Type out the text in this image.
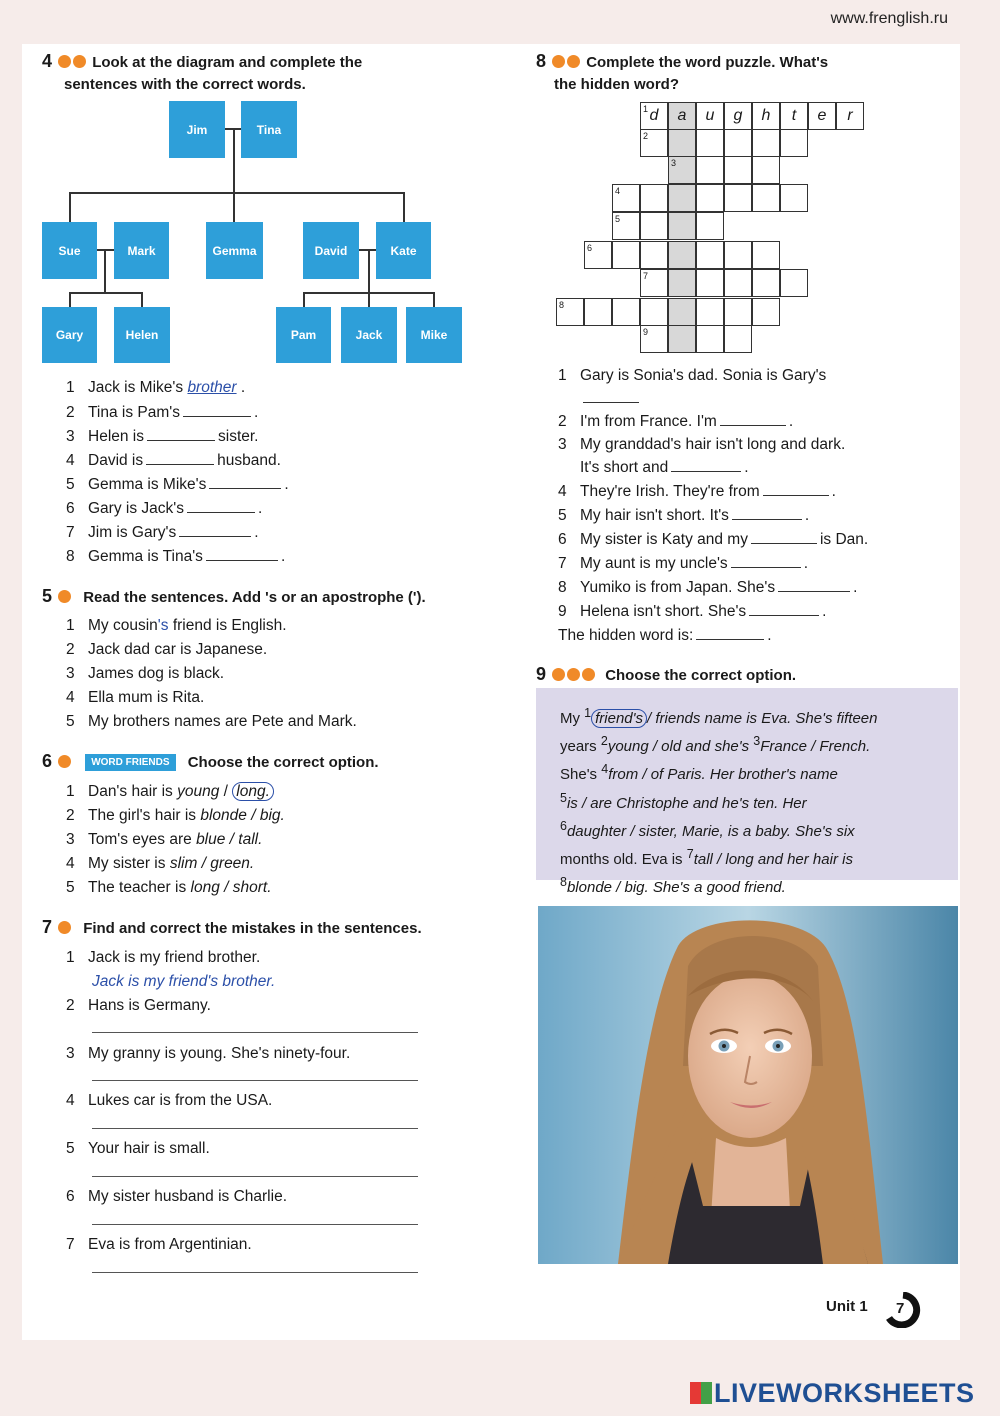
www.frenglish.ru
4	Look at the diagram and complete the
sentences with the correct words.
Jim	Tina
Sue	Mark	Gemma	David	Kate
Gary	Helen	Pam	Jack	Mike
1 Jack is Mike's brother .
2 Tina is Pam's	.
3 Helen is	sister.
4 David is	husband.
5 Gemma is Mike's	.
6 Gary is Jack's	.
7 Jim is Gary's	.
8 Gemma is Tina's	.
5 Read the sentences. Add 's or an apostrophe (').
1 My cousin's friend is English.
2 Jack dad car is Japanese.
3 James dog is black.
4 Ella mum is Rita.
5 My brothers names are Pete and Mark.
6	WORD FRIENDS Choose the correct option.
1 Dan's hair is young / long.
2 The girl's hair is blonde / big.
3 Tom's eyes are blue / tall.
4 My sister is slim / green.
5 The teacher is long / short.
7 Find and correct the mistakes in the sentences.
1 Jack is my friend brother.
Jack is my friend's brother.
2 Hans is Germany.
3 My granny is young. She's ninety-four.
4 Lukes car is from the USA.
5 Your hair is small.
6 My sister husband is Charlie.
7 Eva is from Argentinian.
8	Complete the word puzzle. What's
the hidden word?
1 d a u g h t e r
2
3
4
5
6
7
8
9
1 Gary is Sonia's dad. Sonia is Gary's
2 I'm from France. I'm	.
3 My granddad's hair isn't long and dark.
It's short and	.
4 They're Irish. They're from	.
5 My hair isn't short. It's	.
6 My sister is Katy and my	is Dan.
7 My aunt is my uncle's	.
8 Yumiko is from Japan. She's	.
9 Helena isn't short. She's	.
The hidden word is:	.
9	Choose the correct option.
My $^1$ friend's / friends name is Eva. She's fifteen
years $^2$young / old and she's $^3$France / French.
She's $^4$from / of Paris. Her brother's name
$^5$is / are Christophe and he's ten. Her
$^6$daughter / sister, Marie, is a baby. She's six
months old. Eva is $^7$tall / long and her hair is
$^8$blonde / big. She's a good friend.
Unit 1 7
LIVEWORKSHEETS
